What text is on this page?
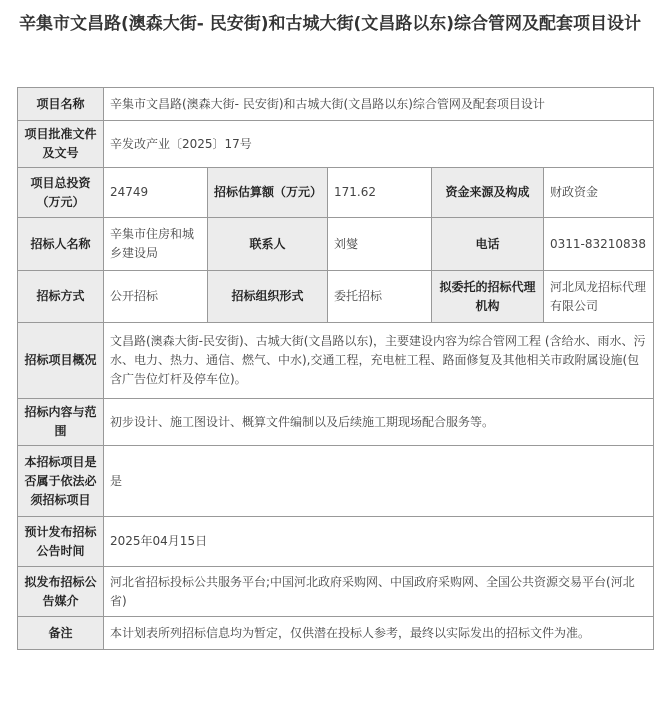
辛集市文昌路(澳森大街- 民安街)和古城大街(文昌路以东)综合管网及配套项目设计
项目名称	辛集市文昌路(澳森大街- 民安街)和古城大街(文昌路以东)综合管网及配套项目设计				
项目批准文件及文号	辛发改产业〔2025〕17号				
项目总投资（万元）	24749	招标估算额（万元）	171.62	资金来源及构成	财政资金
招标人名称	辛集市住房和城乡建设局	联系人	刘燮	电话	0311-83210838
招标方式	公开招标	招标组织形式	委托招标	拟委托的招标代理机构	河北凤龙招标代理有限公司
招标项目概况	文昌路(澳森大街-民安街)、古城大街(文昌路以东)，主要建设内容为综合管网工程 (含给水、雨水、污水、电力、热力、通信、燃气、中水),交通工程，充电桩工程、路面修复及其他相关市政附属设施(包含广告位灯杆及停车位)。				
招标内容与范围	初步设计、施工图设计、概算文件编制以及后续施工期现场配合服务等。				
本招标项目是否属于依法必须招标项目	是				
预计发布招标公告时间	2025年04月15日				
拟发布招标公告媒介	河北省招标投标公共服务平台;中国河北政府采购网、中国政府采购网、全国公共资源交易平台(河北省)				
备注	本计划表所列招标信息均为暂定，仅供潜在投标人参考，最终以实际发出的招标文件为准。				
